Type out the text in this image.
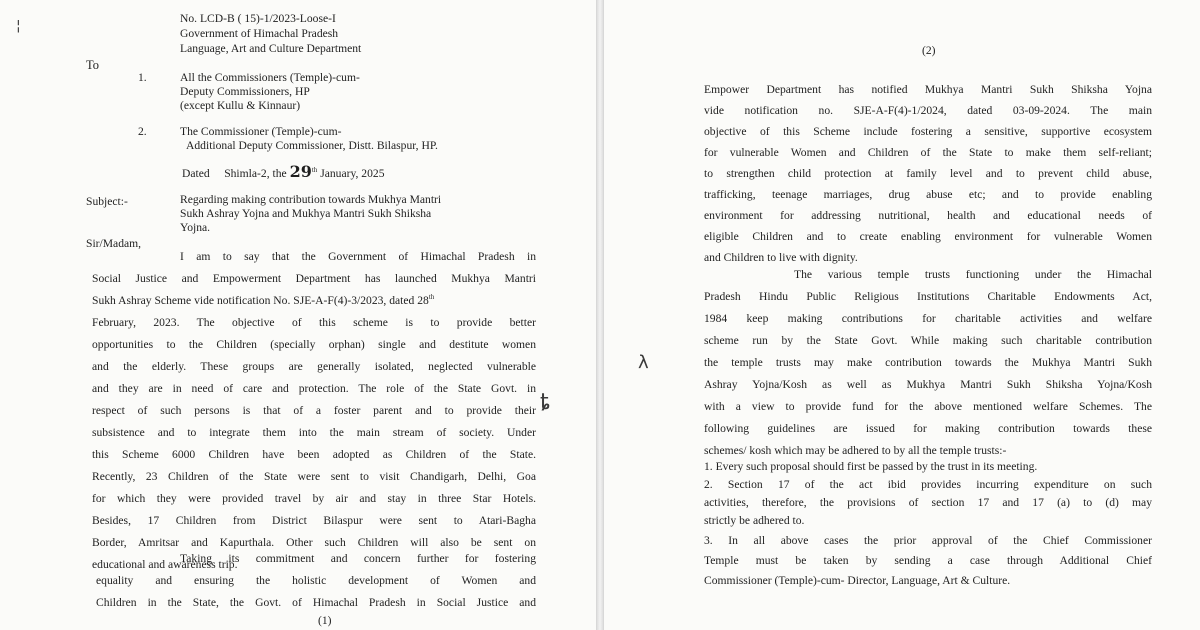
¦	No. LCD-B ( 15)-1/2023-Loose-I
Government of Himachal Pradesh
Language, Art and Culture Department
To
1.	All the Commissioners (Temple)-cum-
Deputy Commissioners, HP
(except Kullu & Kinnaur)
2.	The Commissioner (Temple)-cum-
Additional Deputy Commissioner, Distt. Bilaspur, HP.
Dated Shimla-2, the 29th January, 2025
Subject:-	Regarding making contribution towards Mukhya Mantri
Sukh Ashray Yojna and Mukhya Mantri Sukh Shiksha
Yojna.
Sir/Madam,
I am to say that the Government of Himachal Pradesh in
Social Justice and Empowerment Department has launched Mukhya Mantri
Sukh Ashray Scheme vide notification No. SJE-A-F(4)-3/2023, dated 28th
February, 2023. The objective of this scheme is to provide better
opportunities to the Children (specially orphan) single and destitute women
and the elderly. These groups are generally isolated, neglected vulnerable
and they are in need of care and protection. The role of the State Govt. in
respect of such persons is that of a foster parent and to provide their
subsistence and to integrate them into the main stream of society. Under
this Scheme 6000 Children have been adopted as Children of the State.
Recently, 23 Children of the State were sent to visit Chandigarh, Delhi, Goa
for which they were provided travel by air and stay in three Star Hotels.
Besides, 17 Children from District Bilaspur were sent to Atari-Bagha
Border, Amritsar and Kapurthala. Other such Children will also be sent on
educational and awareness trip.
ȶ
Taking its commitment and concern further for fostering
equality and ensuring the holistic development of Women and
Children in the State, the Govt. of Himachal Pradesh in Social Justice and
(1)
(2)
λ
Empower Department has notified Mukhya Mantri Sukh Shiksha Yojna
vide notification no. SJE-A-F(4)-1/2024, dated 03-09-2024. The main
objective of this Scheme include fostering a sensitive, supportive ecosystem
for vulnerable Women and Children of the State to make them self-reliant;
to strengthen child protection at family level and to prevent child abuse,
trafficking, teenage marriages, drug abuse etc; and to provide enabling
environment for addressing nutritional, health and educational needs of
eligible Children and to create enabling environment for vulnerable Women
and Children to live with dignity.
The various temple trusts functioning under the Himachal
Pradesh Hindu Public Religious Institutions Charitable Endowments Act,
1984 keep making contributions for charitable activities and welfare
scheme run by the State Govt. While making such charitable contribution
the temple trusts may make contribution towards the Mukhya Mantri Sukh
Ashray Yojna/Kosh as well as Mukhya Mantri Sukh Shiksha Yojna/Kosh
with a view to provide fund for the above mentioned welfare Schemes. The
following guidelines are issued for making contribution towards these
schemes/ kosh which may be adhered to by all the temple trusts:-
1. Every such proposal should first be passed by the trust in its meeting.
2. Section 17 of the act ibid provides incurring expenditure on such
activities, therefore, the provisions of section 17 and 17 (a) to (d) may
strictly be adhered to.
3. In all above cases the prior approval of the Chief Commissioner
Temple must be taken by sending a case through Additional Chief
Commissioner (Temple)-cum- Director, Language, Art & Culture.
